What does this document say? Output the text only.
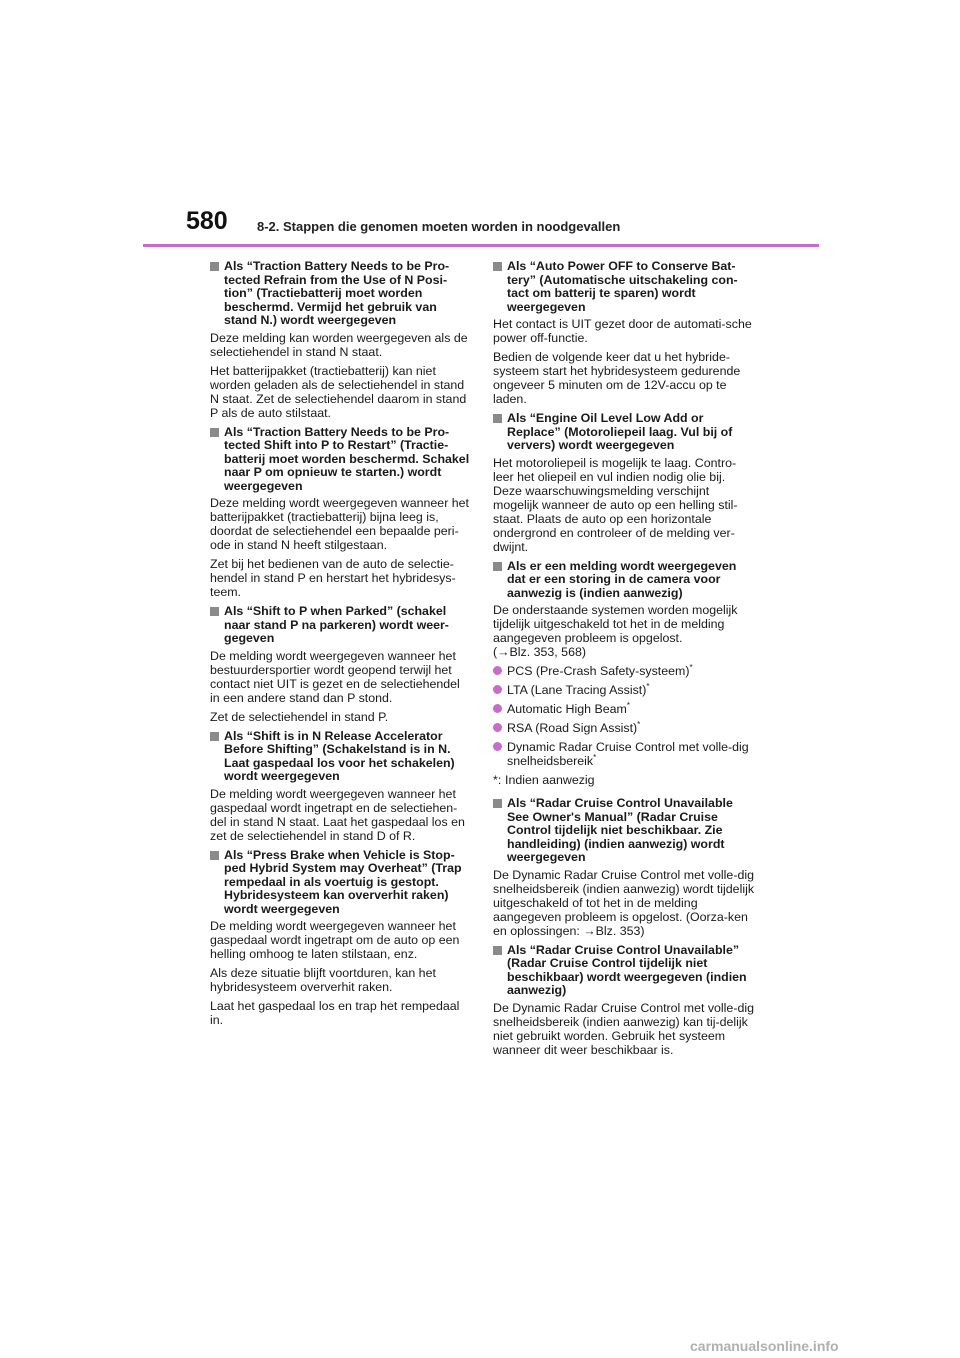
580 8-2. Stappen die genomen moeten worden in noodgevallen
Als “Traction Battery Needs to be Pro-tected Refrain from the Use of N Posi-tion” (Tractiebatterij moet worden beschermd. Vermijd het gebruik van stand N.) wordt weergegeven

Deze melding kan worden weergegeven als de selectiehendel in stand N staat.

Het batterijpakket (tractiebatterij) kan niet worden geladen als de selectiehendel in stand N staat. Zet de selectiehendel daarom in stand P als de auto stilstaat.

Als “Traction Battery Needs to be Pro-tected Shift into P to Restart” (Tractie-batterij moet worden beschermd. Schakel naar P om opnieuw te starten.) wordt weergegeven

Deze melding wordt weergegeven wanneer het batterijpakket (tractiebatterij) bijna leeg is, doordat de selectiehendel een bepaalde peri-ode in stand N heeft stilgestaan.

Zet bij het bedienen van de auto de selectie-hendel in stand P en herstart het hybridesys-teem.

Als “Shift to P when Parked” (schakel naar stand P na parkeren) wordt weer-gegeven

De melding wordt weergegeven wanneer het bestuurdersportier wordt geopend terwijl het contact niet UIT is gezet en de selectiehendel in een andere stand dan P stond.

Zet de selectiehendel in stand P.

Als “Shift is in N Release Accelerator Before Shifting” (Schakelstand is in N. Laat gaspedaal los voor het schakelen) wordt weergegeven

De melding wordt weergegeven wanneer het gaspedaal wordt ingetrapt en de selectiehen-del in stand N staat. Laat het gaspedaal los en zet de selectiehendel in stand D of R.

Als “Press Brake when Vehicle is Stop-ped Hybrid System may Overheat” (Trap rempedaal in als voertuig is gestopt. Hybridesysteem kan oververhit raken) wordt weergegeven

De melding wordt weergegeven wanneer het gaspedaal wordt ingetrapt om de auto op een helling omhoog te laten stilstaan, enz.

Als deze situatie blijft voortduren, kan het hybridesysteem oververhit raken.

Laat het gaspedaal los en trap het rempedaal in.

Als “Auto Power OFF to Conserve Bat-tery” (Automatische uitschakeling con-tact om batterij te sparen) wordt weergegeven

Het contact is UIT gezet door de automati-sche power off-functie.

Bedien de volgende keer dat u het hybride-systeem start het hybridesysteem gedurende ongeveer 5 minuten om de 12V-accu op te laden.

Als “Engine Oil Level Low Add or Replace” (Motoroliepeil laag. Vul bij of ververs) wordt weergegeven

Het motoroliepeil is mogelijk te laag. Contro-leer het oliepeil en vul indien nodig olie bij. Deze waarschuwingsmelding verschijnt mogelijk wanneer de auto op een helling stil-staat. Plaats de auto op een horizontale ondergrond en controleer of de melding ver-dwijnt.

Als er een melding wordt weergegeven dat er een storing in de camera voor aanwezig is (indien aanwezig)

De onderstaande systemen worden mogelijk tijdelijk uitgeschakeld tot het in de melding aangegeven probleem is opgelost.
(→Blz. 353, 568)

PCS (Pre-Crash Safety-systeem)*
LTA (Lane Tracing Assist)*
Automatic High Beam*
RSA (Road Sign Assist)*
Dynamic Radar Cruise Control met volle-dig snelheidsbereik*
*: Indien aanwezig
Als “Radar Cruise Control Unavailable See Owner's Manual” (Radar Cruise Control tijdelijk niet beschikbaar. Zie handleiding) (indien aanwezig) wordt weergegeven

De Dynamic Radar Cruise Control met volle-dig snelheidsbereik (indien aanwezig) wordt tijdelijk uitgeschakeld of tot het in de melding aangegeven probleem is opgelost. (Oorza-ken en oplossingen: →Blz. 353)

Als “Radar Cruise Control Unavailable” (Radar Cruise Control tijdelijk niet beschikbaar) wordt weergegeven (indien aanwezig)

De Dynamic Radar Cruise Control met volle-dig snelheidsbereik (indien aanwezig) kan tij-delijk niet gebruikt worden. Gebruik het systeem wanneer dit weer beschikbaar is.

carmanualsonline.info
